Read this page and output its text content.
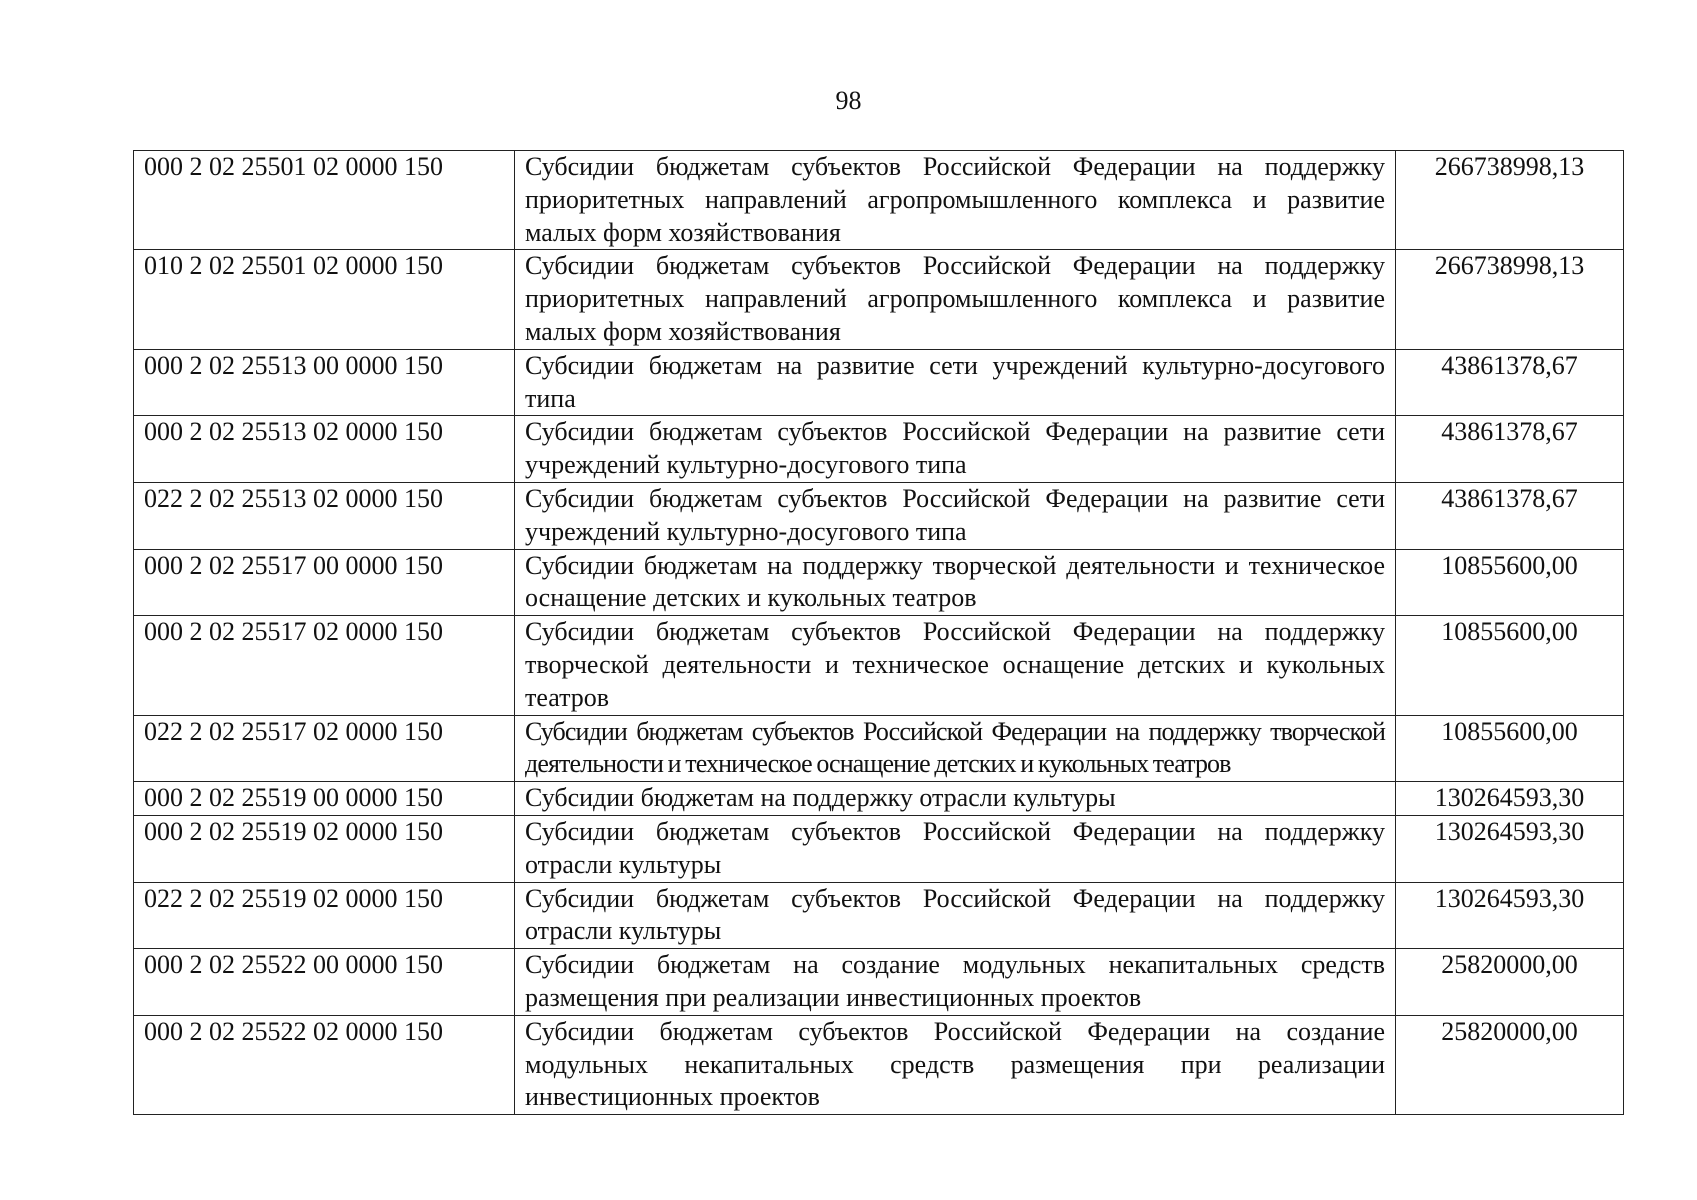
98
000 2 02 25501 02 0000 150	Субсидии бюджетам субъектов Российской Федерации на поддержку приоритетных направлений агропромышленного комплекса и развитие малых форм хозяйствования	266738998,13
010 2 02 25501 02 0000 150	Субсидии бюджетам субъектов Российской Федерации на поддержку приоритетных направлений агропромышленного комплекса и развитие малых форм хозяйствования	266738998,13
000 2 02 25513 00 0000 150	Субсидии бюджетам на развитие сети учреждений культурно-досугового типа	43861378,67
000 2 02 25513 02 0000 150	Субсидии бюджетам субъектов Российской Федерации на развитие сети учреждений культурно-досугового типа	43861378,67
022 2 02 25513 02 0000 150	Субсидии бюджетам субъектов Российской Федерации на развитие сети учреждений культурно-досугового типа	43861378,67
000 2 02 25517 00 0000 150	Субсидии бюджетам на поддержку творческой деятельности и техническое оснащение детских и кукольных театров	10855600,00
000 2 02 25517 02 0000 150	Субсидии бюджетам субъектов Российской Федерации на поддержку творческой деятельности и техническое оснащение детских и кукольных театров	10855600,00
022 2 02 25517 02 0000 150	Субсидии бюджетам субъектов Российской Федерации на поддержку творческой деятельности и техническое оснащение детских и кукольных театров	10855600,00
000 2 02 25519 00 0000 150	Субсидии бюджетам на поддержку отрасли культуры	130264593,30
000 2 02 25519 02 0000 150	Субсидии бюджетам субъектов Российской Федерации на поддержку отрасли культуры	130264593,30
022 2 02 25519 02 0000 150	Субсидии бюджетам субъектов Российской Федерации на поддержку отрасли культуры	130264593,30
000 2 02 25522 00 0000 150	Субсидии бюджетам на создание модульных некапитальных средств размещения при реализации инвестиционных проектов	25820000,00
000 2 02 25522 02 0000 150	Субсидии бюджетам субъектов Российской Федерации на создание модульных некапитальных средств размещения при реализации инвестиционных проектов	25820000,00
